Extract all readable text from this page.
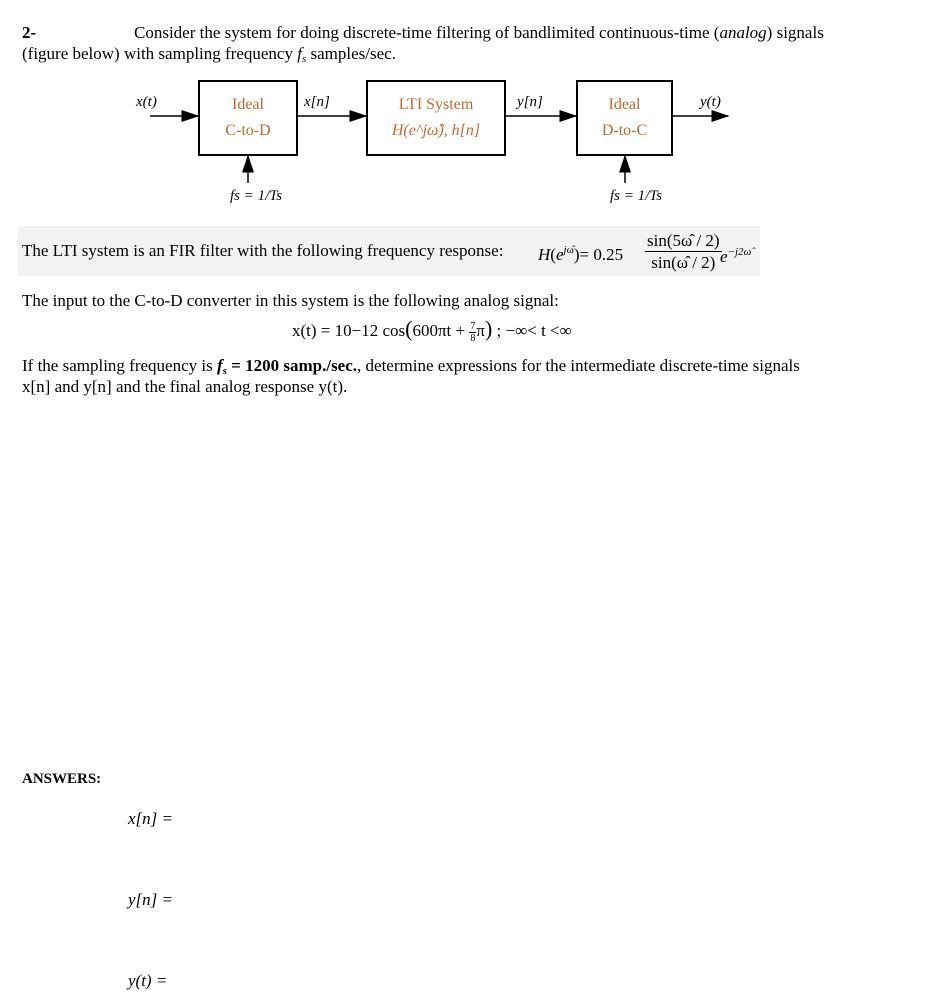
2-	Consider the system for doing discrete-time filtering of bandlimited continuous-time (analog) signals
(figure below) with sampling frequency $f_s$ samples/sec.
x(t)	Ideal
C-to-D
x[n]	LTI System
H(e^jω̂), h[n]
y[n]	Ideal
D-to-C
y(t)
fs = 1/Ts	fs = 1/Ts
The LTI system is an FIR filter with the following frequency response: $H(e^{j\omegâ})= 0.25 \frac{\sin(5\omegâ / 2)}{\sin(\omegâ / 2)}$
$e^{-j2\omegâ}$
The input to the C-to-D converter in this system is the following analog signal:
x(t) = 10−12 $\cos(600\pi t + \frac{7}{8} \pi)$ ; −∞< t <∞
If the sampling frequency is $f_s = 1200$ samp./sec., determine expressions for the intermediate discrete-time signals
x[n] and y[n] and the final analog response y(t).
ANSWERS:
x[n] =
y[n] =
y(t) =
